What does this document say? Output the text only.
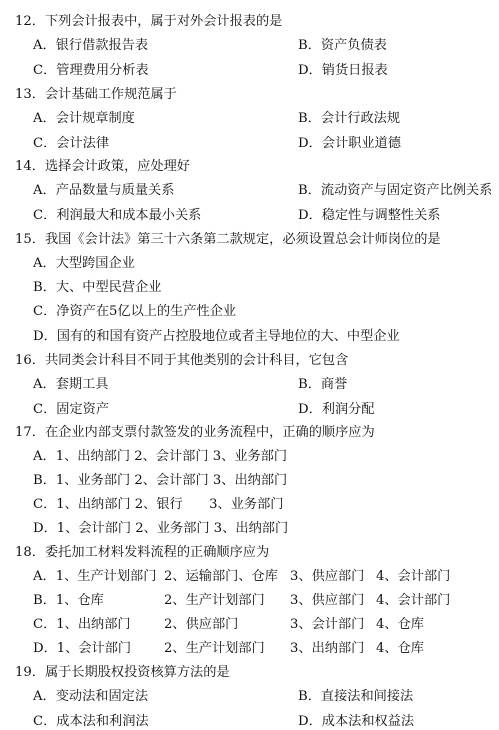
12．下列会计报表中，属于对外会计报表的是
A．银行借款报告表	B．资产负债表
C．管理费用分析表	D．销货日报表
13．会计基础工作规范属于
A．会计规章制度	B．会计行政法规
C．会计法律	D．会计职业道德
14．选择会计政策，应处理好
A．产品数量与质量关系	B．流动资产与固定资产比例关系
C．利润最大和成本最小关系	D．稳定性与调整性关系
15．我国《会计法》第三十六条第二款规定，必须设置总会计师岗位的是
A．大型跨国企业
B．大、中型民营企业
C．净资产在5亿以上的生产性企业
D．国有的和国有资产占控股地位或者主导地位的大、中型企业
16．共同类会计科目不同于其他类别的会计科目，它包含
A．套期工具	B．商誉
C．固定资产	D．利润分配
17．在企业内部支票付款签发的业务流程中，正确的顺序应为
A．1、出纳部门 2、会计部门 3、业务部门
B．1、业务部门 2、会计部门 3、出纳部门
C．1、出纳部门 2、银行　　3、业务部门
D．1、会计部门 2、业务部门 3、出纳部门
18．委托加工材料发料流程的正确顺序应为
A．1、生产计划部门 2、运输部门、仓库 3、供应部门 4、会计部门
B．1、仓库	2、生产计划部门 3、供应部门 4、会计部门
C．1、出纳部门	2、供应部门	3、会计部门 4、仓库
D．1、会计部门 2、生产计划部门 3、出纳部门 4、仓库
19．属于长期股权投资核算方法的是
A．变动法和固定法	B．直接法和间接法
C．成本法和利润法	D．成本法和权益法
